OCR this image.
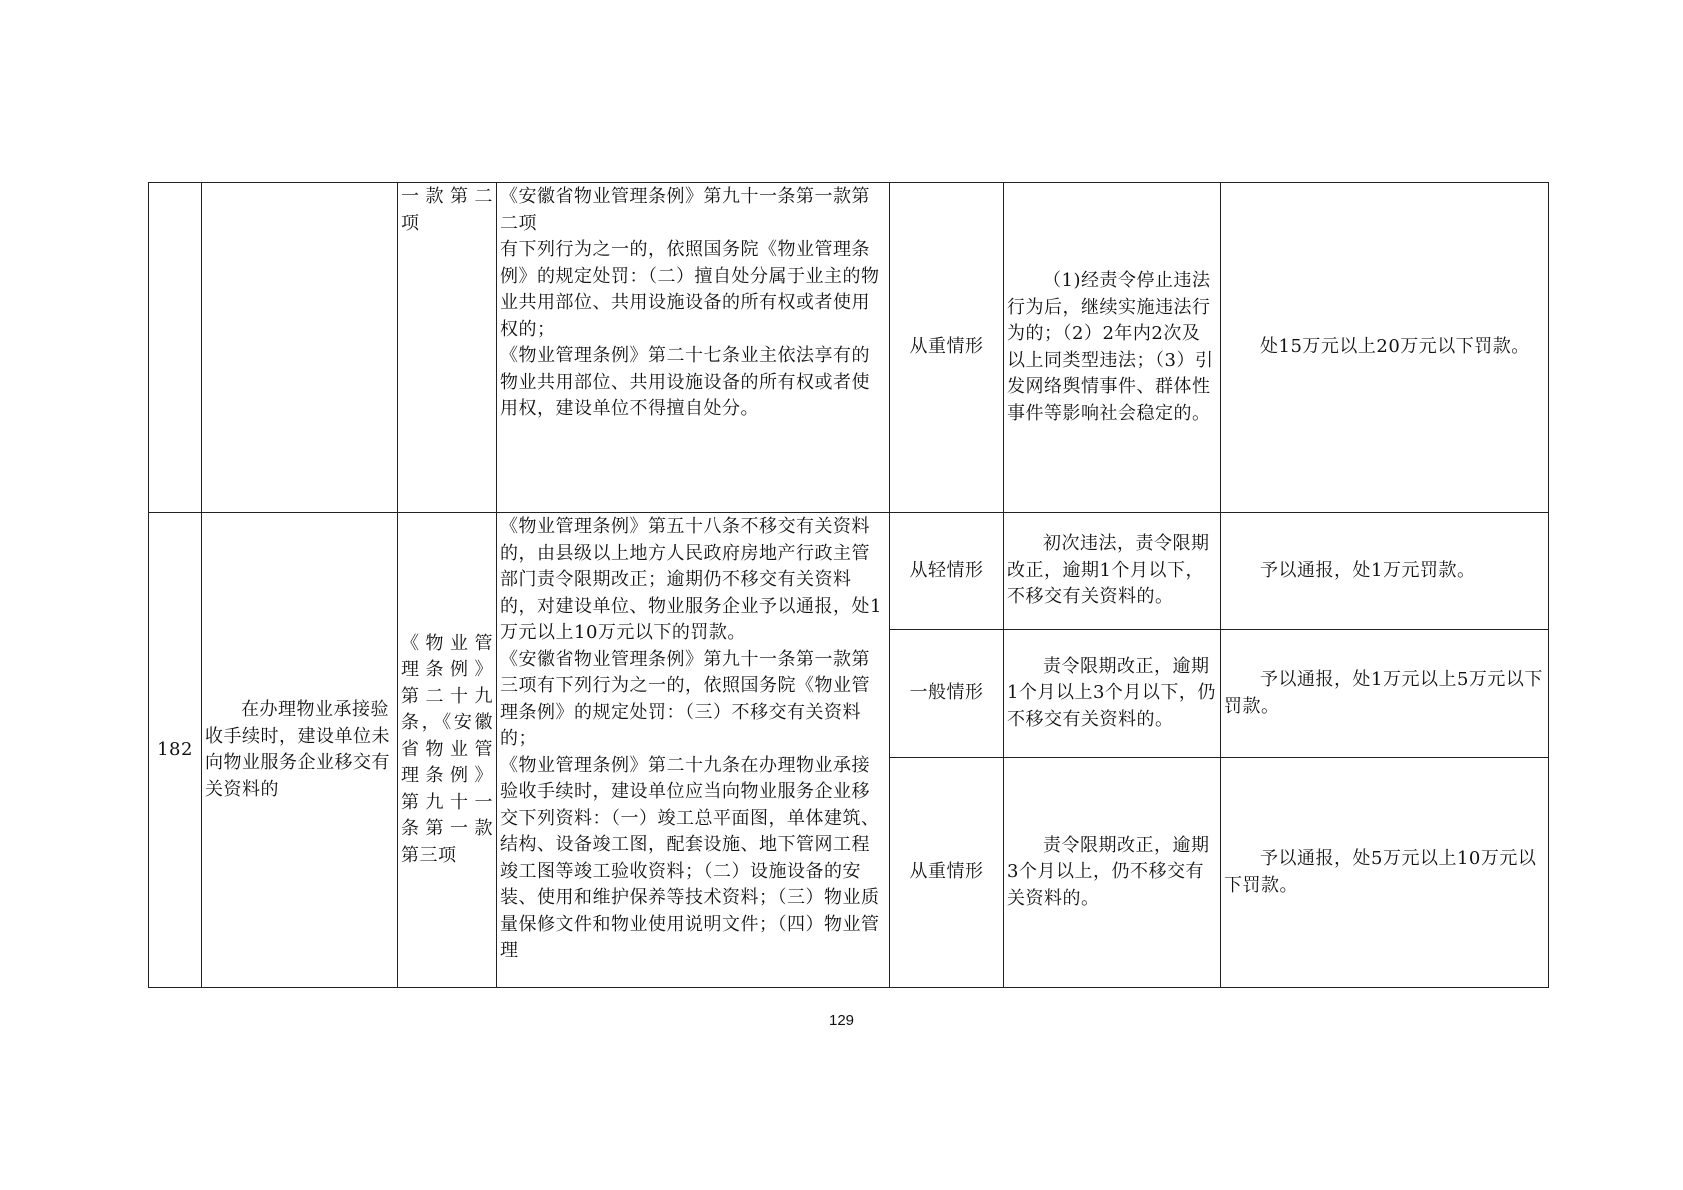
		一款第二项	《安徽省物业管理条例》第九十一条第一款第二项

有下列行为之一的，依照国务院《物业管理条例》的规定处罚：（二）擅自处分属于业主的物业共用部位、共用设施设备的所有权或者使用权的；

《物业管理条例》第二十七条业主依法享有的物业共用部位、共用设施设备的所有权或者使用权，建设单位不得擅自处分。	从重情形	（1)经责令停止违法行为后，继续实施违法行为的；（2）2年内2次及以上同类型违法；（3）引发网络舆情事件、群体性事件等影响社会稳定的。	处15万元以上20万元以下罚款。
182	在办理物业承接验收手续时，建设单位未向物业服务企业移交有关资料的	《物业管理条例》第二十九条，《安徽省物业管理条例》第九十一条第一款第三项	《物业管理条例》第五十八条不移交有关资料的，由县级以上地方人民政府房地产行政主管部门责令限期改正；逾期仍不移交有关资料的，对建设单位、物业服务企业予以通报，处1万元以上10万元以下的罚款。

《安徽省物业管理条例》第九十一条第一款第三项有下列行为之一的，依照国务院《物业管理条例》的规定处罚：（三）不移交有关资料的；

《物业管理条例》第二十九条在办理物业承接验收手续时，建设单位应当向物业服务企业移交下列资料：（一）竣工总平面图，单体建筑、结构、设备竣工图，配套设施、地下管网工程竣工图等竣工验收资料；（二）设施设备的安装、使用和维护保养等技术资料；（三）物业质量保修文件和物业使用说明文件；（四）物业管理	从轻情形	初次违法，责令限期改正，逾期1个月以下，不移交有关资料的。	予以通报，处1万元罚款。
				一般情形	责令限期改正，逾期1个月以上3个月以下，仍不移交有关资料的。	予以通报，处1万元以上5万元以下罚款。
				从重情形	责令限期改正，逾期3个月以上，仍不移交有关资料的。	予以通报，处5万元以上10万元以下罚款。
129
